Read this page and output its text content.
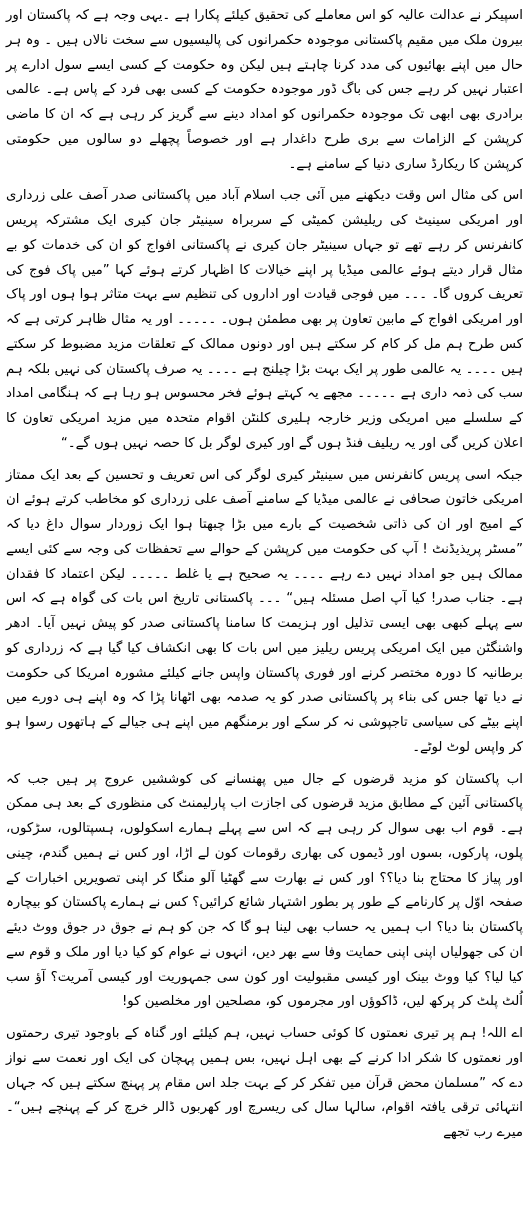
اسپیکر نے عدالت عالیہ کو اس معاملے کی تحقیق کیلئے پکارا ہے ۔یہی وجہ ہے کہ پاکستان اور بیرون ملک میں مقیم پاکستانی موجودہ حکمرانوں کی پالیسیوں سے سخت نالاں ہیں ۔ وہ ہر حال میں اپنے بھائیوں کی مدد کرنا چاہتے ہیں لیکن وہ حکومت کے کسی ایسے سول ادارے پر اعتبار نہیں کر رہے جس کی باگ ڈور موجودہ حکومت کے کسی بھی فرد کے پاس ہے۔ عالمی برادری بھی ابھی تک موجودہ حکمرانوں کو امداد دینے سے گریز کر رہی ہے کہ ان کا ماضی کرپشن کے الزامات سے بری طرح داغدار ہے اور خصوصاً پچھلے دو سالوں میں حکومتی کرپشن کا ریکارڈ ساری دنیا کے سامنے ہے۔

اس کی مثال اس وقت دیکھنے میں آئی جب اسلام آباد میں پاکستانی صدر آصف علی زرداری اور امریکی سینیٹ کی ریلیشن کمیٹی کے سربراہ سینیٹر جان کیری ایک مشترکہ پریس کانفرنس کر رہے تھے تو جہاں سینیٹر جان کیری نے پاکستانی افواج کو ان کی خدمات کو بے مثال قرار دیتے ہوئے عالمی میڈیا پر اپنے خیالات کا اظہار کرتے ہوئے کہا ”میں پاک فوج کی تعریف کروں گا۔ ۔۔۔ میں فوجی قیادت اور اداروں کی تنظیم سے بہت متاثر ہوا ہوں اور پاک اور امریکی افواج کے مابین تعاون پر بھی مطمئن ہوں۔ ۔۔۔۔۔ اور یہ مثال ظاہر کرتی ہے کہ کس طرح ہم مل کر کام کر سکتے ہیں اور دونوں ممالک کے تعلقات مزید مضبوط کر سکتے ہیں ۔۔۔۔ یہ عالمی طور پر ایک بہت بڑا چیلنج ہے ۔۔۔۔ یہ صرف پاکستان کی نہیں بلکہ ہم سب کی ذمہ داری ہے ۔۔۔۔۔ مجھے یہ کہتے ہوئے فخر محسوس ہو رہا ہے کہ ہنگامی امداد کے سلسلے میں امریکی وزیر خارجہ ہلیری کلنٹن اقوام متحدہ میں مزید امریکی تعاون کا اعلان کریں گی اور یہ ریلیف فنڈ ہوں گے اور کیری لوگر بل کا حصہ نہیں ہوں گے۔“

جبکہ اسی پریس کانفرنس میں سینیٹر کیری لوگر کی اس تعریف و تحسین کے بعد ایک ممتاز امریکی خاتون صحافی نے عالمی میڈیا کے سامنے آصف علی زرداری کو مخاطب کرتے ہوئے ان کے امیج اور ان کی ذاتی شخصیت کے بارے میں بڑا چبھتا ہوا ایک زوردار سوال داغ دیا کہ ”مسٹر پریذیڈنٹ ! آپ کی حکومت میں کرپشن کے حوالے سے تحفظات کی وجہ سے کئی ایسے ممالک ہیں جو امداد نہیں دے رہے ۔۔۔۔ یہ صحیح ہے یا غلط ۔۔۔۔۔ لیکن اعتماد کا فقدان ہے۔ جناب صدر! کیا آپ اصل مسئلہ ہیں“ ۔۔۔ پاکستانی تاریخ اس بات کی گواہ ہے کہ اس سے پہلے کبھی بھی ایسی تذلیل اور ہزیمت کا سامنا پاکستانی صدر کو پیش نہیں آیا۔ ادھر واشنگٹن میں ایک امریکی پریس ریلیز میں اس بات کا بھی انکشاف کیا گیا ہے کہ زرداری کو برطانیہ کا دورہ مختصر کرنے اور فوری پاکستان واپس جانے کیلئے مشورہ امریکا کی حکومت نے دیا تھا جس کی بناء پر پاکستانی صدر کو یہ صدمہ بھی اٹھانا پڑا کہ وہ اپنے ہی دورے میں اپنے بیٹے کی سیاسی تاجپوشی نہ کر سکے اور برمنگھم میں اپنے ہی جیالے کے ہاتھوں رسوا ہو کر واپس لوٹ لوٹے۔

اب پاکستان کو مزید قرضوں کے جال میں پھنسانے کی کوششیں عروج پر ہیں جب کہ پاکستانی آئین کے مطابق مزید قرضوں کی اجازت اب پارلیمنٹ کی منظوری کے بعد ہی ممکن ہے۔ قوم اب بھی سوال کر رہی ہے کہ اس سے پہلے ہمارے اسکولوں، ہسپتالوں، سڑکوں، پلوں، پارکوں، بسوں اور ڈیموں کی بھاری رقومات کون لے اڑا، اور کس نے ہمیں گندم، چینی اور پیاز کا محتاج بنا دیا؟؟ اور کس نے بھارت سے گھٹیا آلو منگا کر اپنی تصویریں اخبارات کے صفحہ اوّل پر کارنامے کے طور پر بطور اشتہار شائع کرائیں؟ کس نے ہمارے پاکستان کو بیچارہ پاکستان بنا دیا؟ اب ہمیں یہ حساب بھی لینا ہو گا کہ جن کو ہم نے جوق در جوق ووٹ دیئے ان کی جھولیاں اپنی اپنی حمایت وفا سے بھر دیں، انہوں نے عوام کو کیا دیا اور ملک و قوم سے کیا لیا؟ کیا ووٹ بینک اور کیسی مقبولیت اور کون سی جمہوریت اور کیسی آمریت؟ آؤ سب اُلٹ پلٹ کر پرکھ لیں، ڈاکوؤں اور مجرموں کو، مصلحین اور مخلصین کو!

اے اللہ! ہم پر تیری نعمتوں کا کوئی حساب نہیں، ہم کیلئے اور گناہ کے باوجود تیری رحمتوں اور نعمتوں کا شکر ادا کرنے کے بھی اہل نہیں، بس ہمیں پہچان کی ایک اور نعمت سے نواز دے کہ ”مسلمان محض قرآن میں تفکر کر کے بہت جلد اس مقام پر پہنچ سکتے ہیں کہ جہاں انتہائی ترقی یافتہ اقوام، سالہا سال کی ریسرچ اور کھربوں ڈالر خرچ کر کے پہنچے ہیں“۔ میرے رب تجھے
